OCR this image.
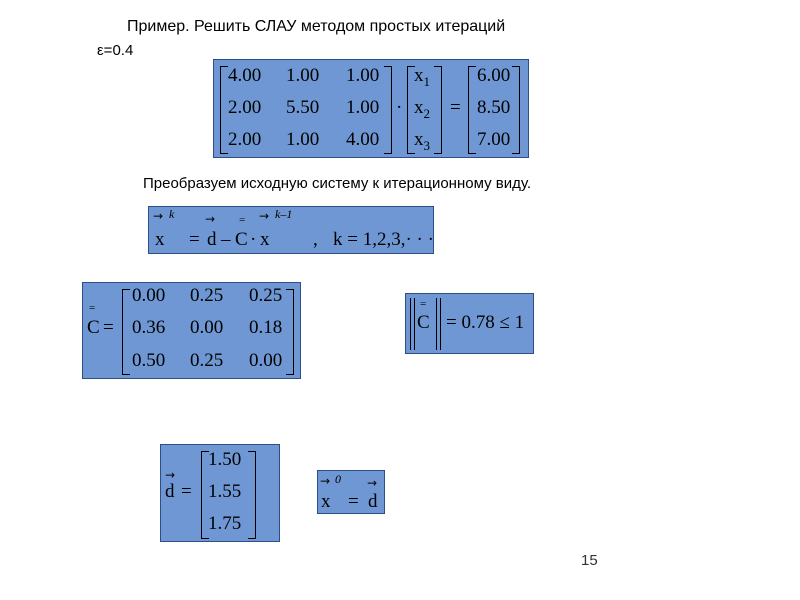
Пример. Решить СЛАУ методом простых итераций
ε=0.4
4.00 1.00 1.00
2.00 5.50 1.00
2.00 1.00 4.00
·
$x_1$
$x_2$
$x_3$
=
6.00
8.50
7.00
Преобразуем исходную систему к итерационному виду.
→ k
x =
→
d –
=
C ·
→ k–1
x , k = 1,2,3,· · ·
=
C =
0.00 0.25 0.25
0.36 0.00 0.18
0.50 0.25 0.00
=
C = 0.78 ≤ 1
→
d =
1.50
1.55
1.75
→ 0
x =
→
d
15
